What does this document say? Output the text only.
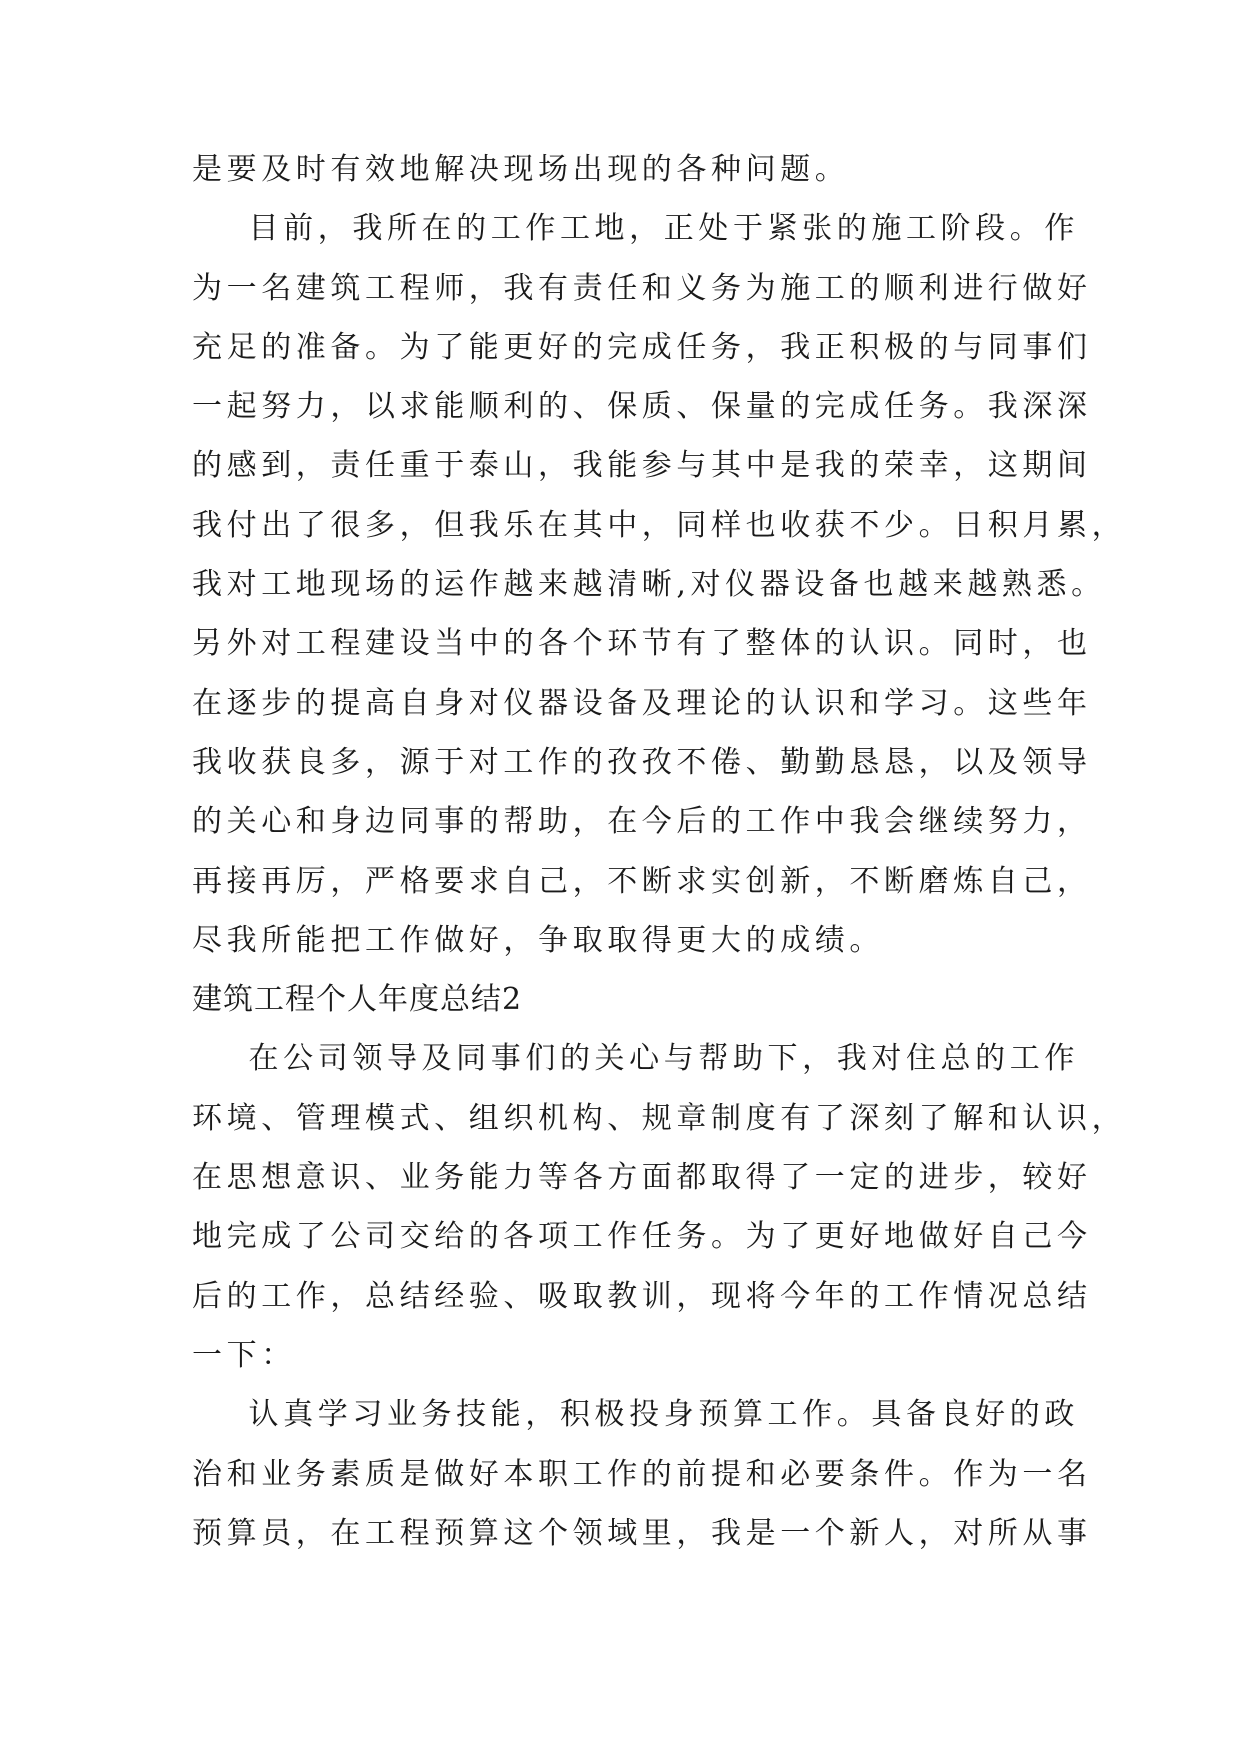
是要及时有效地解决现场出现的各种问题。
目前，我所在的工作工地，正处于紧张的施工阶段。作
为一名建筑工程师，我有责任和义务为施工的顺利进行做好
充足的准备。为了能更好的完成任务，我正积极的与同事们
一起努力，以求能顺利的、保质、保量的完成任务。我深深
的感到，责任重于泰山，我能参与其中是我的荣幸，这期间
我付出了很多，但我乐在其中，同样也收获不少。日积月累，
我对工地现场的运作越来越清晰,对仪器设备也越来越熟悉。
另外对工程建设当中的各个环节有了整体的认识。同时，也
在逐步的提高自身对仪器设备及理论的认识和学习。这些年
我收获良多，源于对工作的孜孜不倦、勤勤恳恳，以及领导
的关心和身边同事的帮助，在今后的工作中我会继续努力，
再接再厉，严格要求自己，不断求实创新，不断磨炼自己，
尽我所能把工作做好，争取取得更大的成绩。
建筑工程个人年度总结2
在公司领导及同事们的关心与帮助下，我对住总的工作
环境、管理模式、组织机构、规章制度有了深刻了解和认识，
在思想意识、业务能力等各方面都取得了一定的进步，较好
地完成了公司交给的各项工作任务。为了更好地做好自己今
后的工作，总结经验、吸取教训，现将今年的工作情况总结
一下：
认真学习业务技能，积极投身预算工作。具备良好的政
治和业务素质是做好本职工作的前提和必要条件。作为一名
预算员，在工程预算这个领域里，我是一个新人，对所从事
